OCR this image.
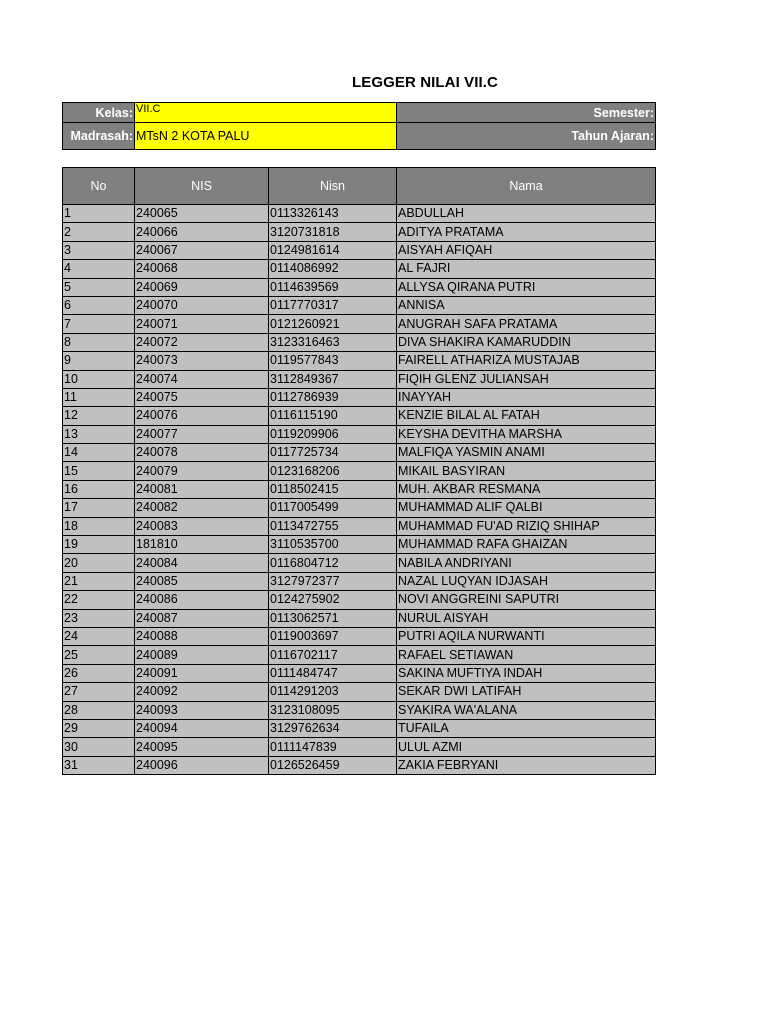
LEGGER NILAI VII.C
Kelas:	VII.C	Semester:
Madrasah:	MTsN 2 KOTA PALU	Tahun Ajaran:
No	NIS	Nisn	Nama
1	240065	0113326143	ABDULLAH
2	240066	3120731818	ADITYA PRATAMA
3	240067	0124981614	AISYAH AFIQAH
4	240068	0114086992	AL FAJRI
5	240069	0114639569	ALLYSA QIRANA PUTRI
6	240070	0117770317	ANNISA
7	240071	0121260921	ANUGRAH SAFA PRATAMA
8	240072	3123316463	DIVA SHAKIRA KAMARUDDIN
9	240073	0119577843	FAIRELL ATHARIZA MUSTAJAB
10	240074	3112849367	FIQIH GLENZ JULIANSAH
11	240075	0112786939	INAYYAH
12	240076	0116115190	KENZIE BILAL AL FATAH
13	240077	0119209906	KEYSHA DEVITHA MARSHA
14	240078	0117725734	MALFIQA YASMIN ANAMI
15	240079	0123168206	MIKAIL BASYIRAN
16	240081	0118502415	MUH. AKBAR RESMANA
17	240082	0117005499	MUHAMMAD ALIF QALBI
18	240083	0113472755	MUHAMMAD FU'AD RIZIQ SHIHAP
19	181810	3110535700	MUHAMMAD RAFA GHAIZAN
20	240084	0116804712	NABILA ANDRIYANI
21	240085	3127972377	NAZAL LUQYAN IDJASAH
22	240086	0124275902	NOVI ANGGREINI SAPUTRI
23	240087	0113062571	NURUL AISYAH
24	240088	0119003697	PUTRI AQILA NURWANTI
25	240089	0116702117	RAFAEL SETIAWAN
26	240091	0111484747	SAKINA MUFTIYA INDAH
27	240092	0114291203	SEKAR DWI LATIFAH
28	240093	3123108095	SYAKIRA WA'ALANA
29	240094	3129762634	TUFAILA
30	240095	0111147839	ULUL AZMI
31	240096	0126526459	ZAKIA FEBRYANI
